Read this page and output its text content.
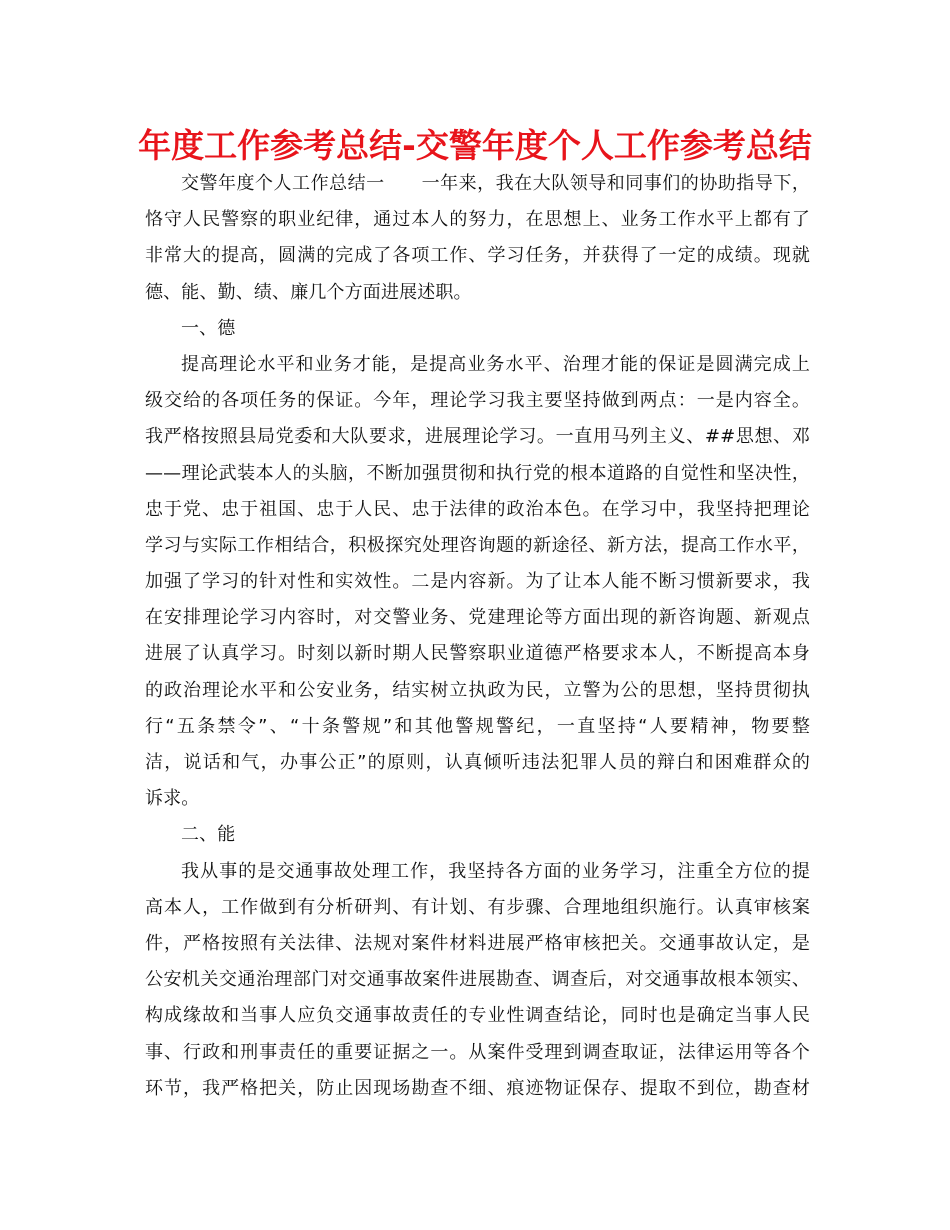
年度工作参考总结-交警年度个人工作参考总结
交警年度个人工作总结一　　一年来，我在大队领导和同事们的协助指导下，
恪守人民警察的职业纪律，通过本人的努力，在思想上、业务工作水平上都有了
非常大的提高，圆满的完成了各项工作、学习任务，并获得了一定的成绩。现就
德、能、勤、绩、廉几个方面进展述职。
一、德
提高理论水平和业务才能，是提高业务水平、治理才能的保证是圆满完成上
级交给的各项任务的保证。今年，理论学习我主要坚持做到两点：一是内容全。
我严格按照县局党委和大队要求，进展理论学习。一直用马列主义、##思想、邓
——理论武装本人的头脑，不断加强贯彻和执行党的根本道路的自觉性和坚决性，
忠于党、忠于祖国、忠于人民、忠于法律的政治本色。在学习中，我坚持把理论
学习与实际工作相结合，积极探究处理咨询题的新途径、新方法，提高工作水平，
加强了学习的针对性和实效性。二是内容新。为了让本人能不断习惯新要求，我
在安排理论学习内容时，对交警业务、党建理论等方面出现的新咨询题、新观点
进展了认真学习。时刻以新时期人民警察职业道德严格要求本人，不断提高本身
的政治理论水平和公安业务，结实树立执政为民，立警为公的思想，坚持贯彻执
行“五条禁令”、“十条警规”和其他警规警纪，一直坚持“人要精神，物要整
洁，说话和气，办事公正”的原则，认真倾听违法犯罪人员的辩白和困难群众的
诉求。
二、能
我从事的是交通事故处理工作，我坚持各方面的业务学习，注重全方位的提
高本人，工作做到有分析研判、有计划、有步骤、合理地组织施行。认真审核案
件，严格按照有关法律、法规对案件材料进展严格审核把关。交通事故认定，是
公安机关交通治理部门对交通事故案件进展勘查、调查后，对交通事故根本领实、
构成缘故和当事人应负交通事故责任的专业性调查结论，同时也是确定当事人民
事、行政和刑事责任的重要证据之一。从案件受理到调查取证，法律运用等各个
环节，我严格把关，防止因现场勘查不细、痕迹物证保存、提取不到位，勘查材
